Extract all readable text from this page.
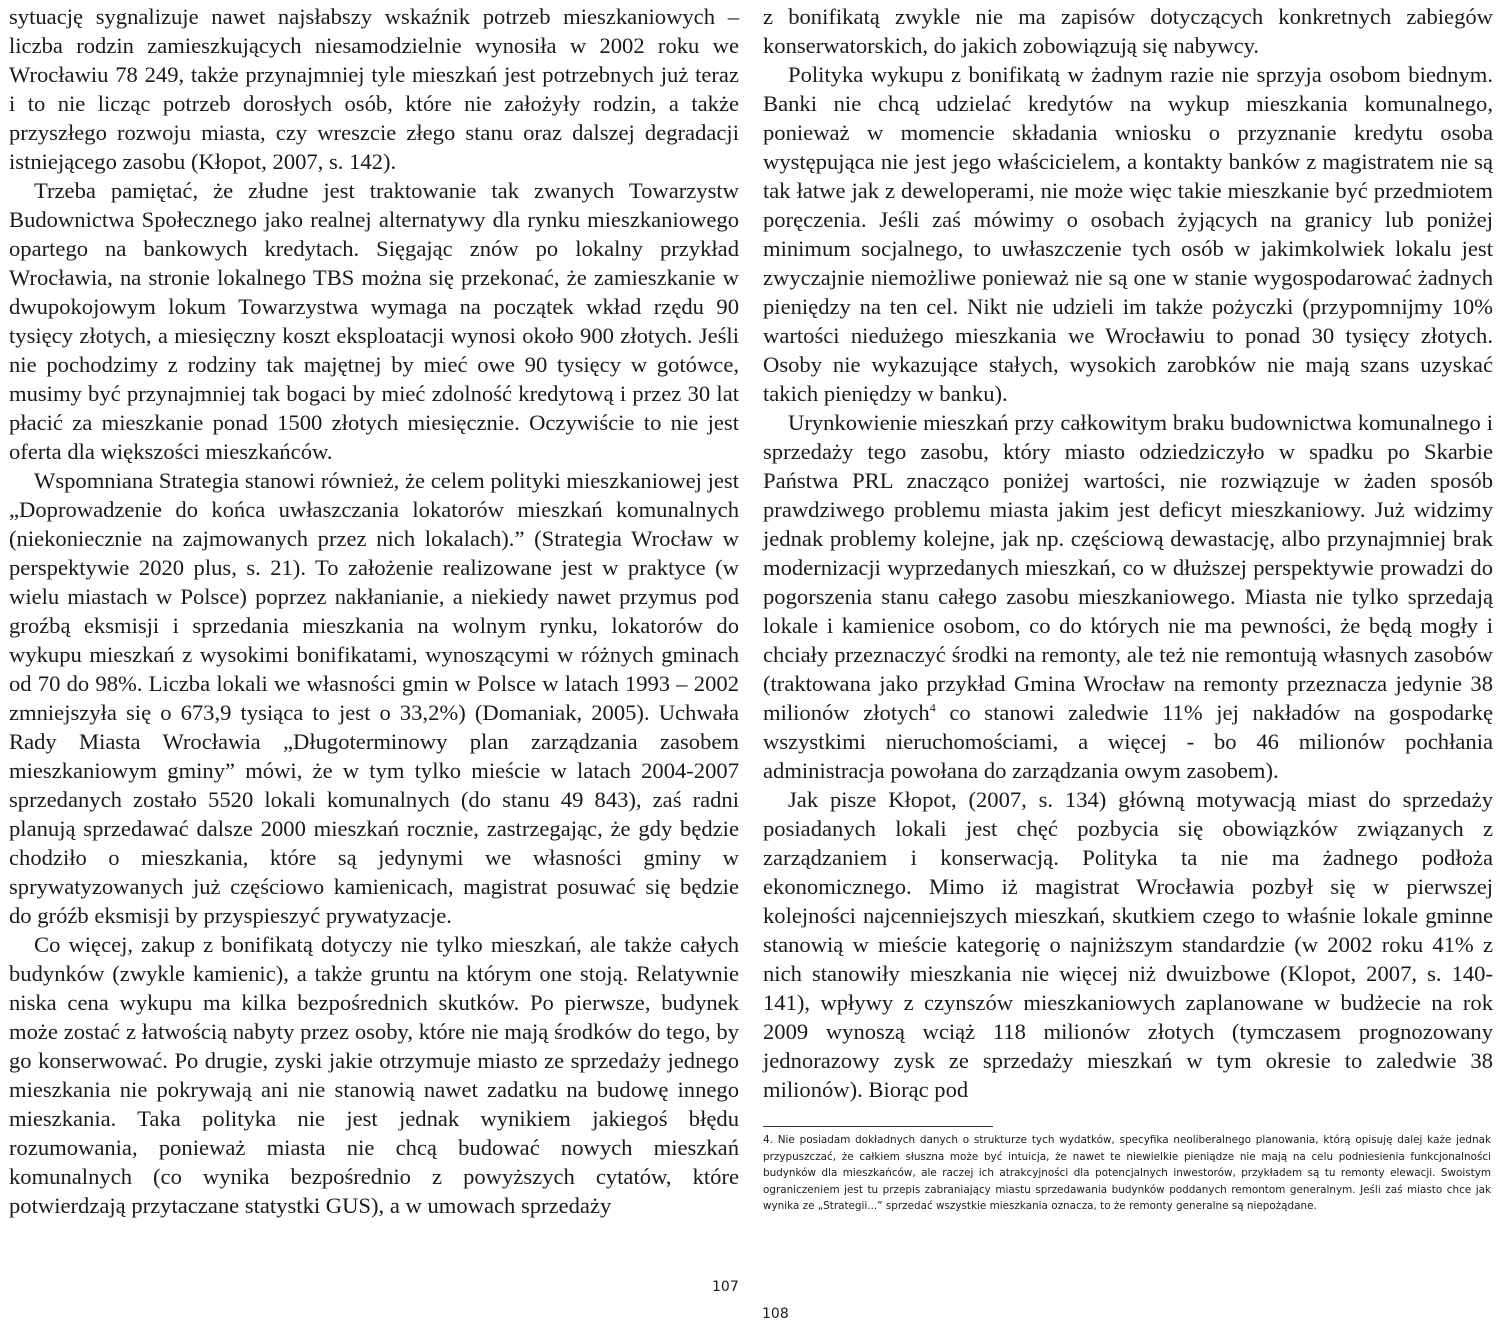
sytuację sygnalizuje nawet najsłabszy wskaźnik potrzeb mieszkaniowych – liczba rodzin zamieszkujących niesamodzielnie wynosiła w 2002 roku we Wrocławiu 78 249, także przynajmniej tyle mieszkań jest potrzebnych już teraz i to nie licząc potrzeb dorosłych osób, które nie założyły rodzin, a także przyszłego rozwoju miasta, czy wreszcie złego stanu oraz dalszej degradacji istniejącego zasobu (Kłopot, 2007, s. 142).

Trzeba pamiętać, że złudne jest traktowanie tak zwanych Towarzystw Budownictwa Społecznego jako realnej alternatywy dla rynku mieszkaniowego opartego na bankowych kredytach. Sięgając znów po lokalny przykład Wrocławia, na stronie lokalnego TBS można się przekonać, że zamieszkanie w dwupokojowym lokum Towarzystwa wymaga na początek wkład rzędu 90 tysięcy złotych, a miesięczny koszt eksploatacji wynosi około 900 złotych. Jeśli nie pochodzimy z rodziny tak majętnej by mieć owe 90 tysięcy w gotówce, musimy być przynajmniej tak bogaci by mieć zdolność kredytową i przez 30 lat płacić za mieszkanie ponad 1500 złotych miesięcznie. Oczywiście to nie jest oferta dla większości mieszkańców.

Wspomniana Strategia stanowi również, że celem polityki mieszkaniowej jest „Doprowadzenie do końca uwłaszczania lokatorów mieszkań komunalnych (niekoniecznie na zajmowanych przez nich lokalach).” (Strategia Wrocław w perspektywie 2020 plus, s. 21). To założenie realizowane jest w praktyce (w wielu miastach w Polsce) poprzez nakłanianie, a niekiedy nawet przymus pod groźbą eksmisji i sprzedania mieszkania na wolnym rynku, lokatorów do wykupu mieszkań z wysokimi bonifikatami, wynoszącymi w różnych gminach od 70 do 98%. Liczba lokali we własności gmin w Polsce w latach 1993 – 2002 zmniejszyła się o 673,9 tysiąca to jest o 33,2%) (Domaniak, 2005). Uchwała Rady Miasta Wrocławia „Długoterminowy plan zarządzania zasobem mieszkaniowym gminy” mówi, że w tym tylko mieście w latach 2004-2007 sprzedanych zostało 5520 lokali komunalnych (do stanu 49 843), zaś radni planują sprzedawać dalsze 2000 mieszkań rocznie, zastrzegając, że gdy będzie chodziło o mieszkania, które są jedynymi we własności gminy w sprywatyzowanych już częściowo kamienicach, magistrat posuwać się będzie do gróźb eksmisji by przyspieszyć prywatyzacje.

Co więcej, zakup z bonifikatą dotyczy nie tylko mieszkań, ale także całych budynków (zwykle kamienic), a także gruntu na którym one stoją. Relatywnie niska cena wykupu ma kilka bezpośrednich skutków. Po pierwsze, budynek może zostać z łatwością nabyty przez osoby, które nie mają środków do tego, by go konserwować. Po drugie, zyski jakie otrzymuje miasto ze sprzedaży jednego mieszkania nie pokrywają ani nie stanowią nawet zadatku na budowę innego mieszkania. Taka polityka nie jest jednak wynikiem jakiegoś błędu rozumowania, ponieważ miasta nie chcą budować nowych mieszkań komunalnych (co wynika bezpośrednio z powyższych cytatów, które potwierdzają przytaczane statystki GUS), a w umowach sprzedaży

z bonifikatą zwykle nie ma zapisów dotyczących konkretnych zabiegów konserwatorskich, do jakich zobowiązują się nabywcy.

Polityka wykupu z bonifikatą w żadnym razie nie sprzyja osobom biednym. Banki nie chcą udzielać kredytów na wykup mieszkania komunalnego, ponieważ w momencie składania wniosku o przyznanie kredytu osoba występująca nie jest jego właścicielem, a kontakty banków z magistratem nie są tak łatwe jak z deweloperami, nie może więc takie mieszkanie być przedmiotem poręczenia. Jeśli zaś mówimy o osobach żyjących na granicy lub poniżej minimum socjalnego, to uwłaszczenie tych osób w jakimkolwiek lokalu jest zwyczajnie niemożliwe ponieważ nie są one w stanie wygospodarować żadnych pieniędzy na ten cel. Nikt nie udzieli im także pożyczki (przypomnijmy 10% wartości niedużego mieszkania we Wrocławiu to ponad 30 tysięcy złotych. Osoby nie wykazujące stałych, wysokich zarobków nie mają szans uzyskać takich pieniędzy w banku).

Urynkowienie mieszkań przy całkowitym braku budownictwa komunalnego i sprzedaży tego zasobu, który miasto odziedziczyło w spadku po Skarbie Państwa PRL znacząco poniżej wartości, nie rozwiązuje w żaden sposób prawdziwego problemu miasta jakim jest deficyt mieszkaniowy. Już widzimy jednak problemy kolejne, jak np. częściową dewastację, albo przynajmniej brak modernizacji wyprzedanych mieszkań, co w dłuższej perspektywie prowadzi do pogorszenia stanu całego zasobu mieszkaniowego. Miasta nie tylko sprzedają lokale i kamienice osobom, co do których nie ma pewności, że będą mogły i chciały przeznaczyć środki na remonty, ale też nie remontują własnych zasobów (traktowana jako przykład Gmina Wrocław na remonty przeznacza jedynie 38 milionów złotych$^4$ co stanowi zaledwie 11% jej nakładów na gospodarkę wszystkimi nieruchomościami, a więcej - bo 46 milionów pochłania administracja powołana do zarządzania owym zasobem).

Jak pisze Kłopot, (2007, s. 134) główną motywacją miast do sprzedaży posiadanych lokali jest chęć pozbycia się obowiązków związanych z zarządzaniem i konserwacją. Polityka ta nie ma żadnego podłoża ekonomicznego. Mimo iż magistrat Wrocławia pozbył się w pierwszej kolejności najcenniejszych mieszkań, skutkiem czego to właśnie lokale gminne stanowią w mieście kategorię o najniższym standardzie (w 2002 roku 41% z nich stanowiły mieszkania nie więcej niż dwuizbowe (Klopot, 2007, s. 140-141), wpływy z czynszów mieszkaniowych zaplanowane w budżecie na rok 2009 wynoszą wciąż 118 milionów złotych (tymczasem prognozowany jednorazowy zysk ze sprzedaży mieszkań w tym okresie to zaledwie 38 milionów). Biorąc pod

4. Nie posiadam dokładnych danych o strukturze tych wydatków, specyfika neoliberalnego planowania, którą opisuję dalej każe jednak przypuszczać, że całkiem słuszna może być intuicja, że nawet te niewielkie pieniądze nie mają na celu podniesienia funkcjonalności budynków dla mieszkańców, ale raczej ich atrakcyjności dla potencjalnych inwestorów, przykładem są tu remonty elewacji. Swoistym ograniczeniem jest tu przepis zabraniający miastu sprzedawania budynków poddanych remontom generalnym. Jeśli zaś miasto chce jak wynika ze „Strategii...” sprzedać wszystkie mieszkania oznacza, to że remonty generalne są niepożądane.

107
108
